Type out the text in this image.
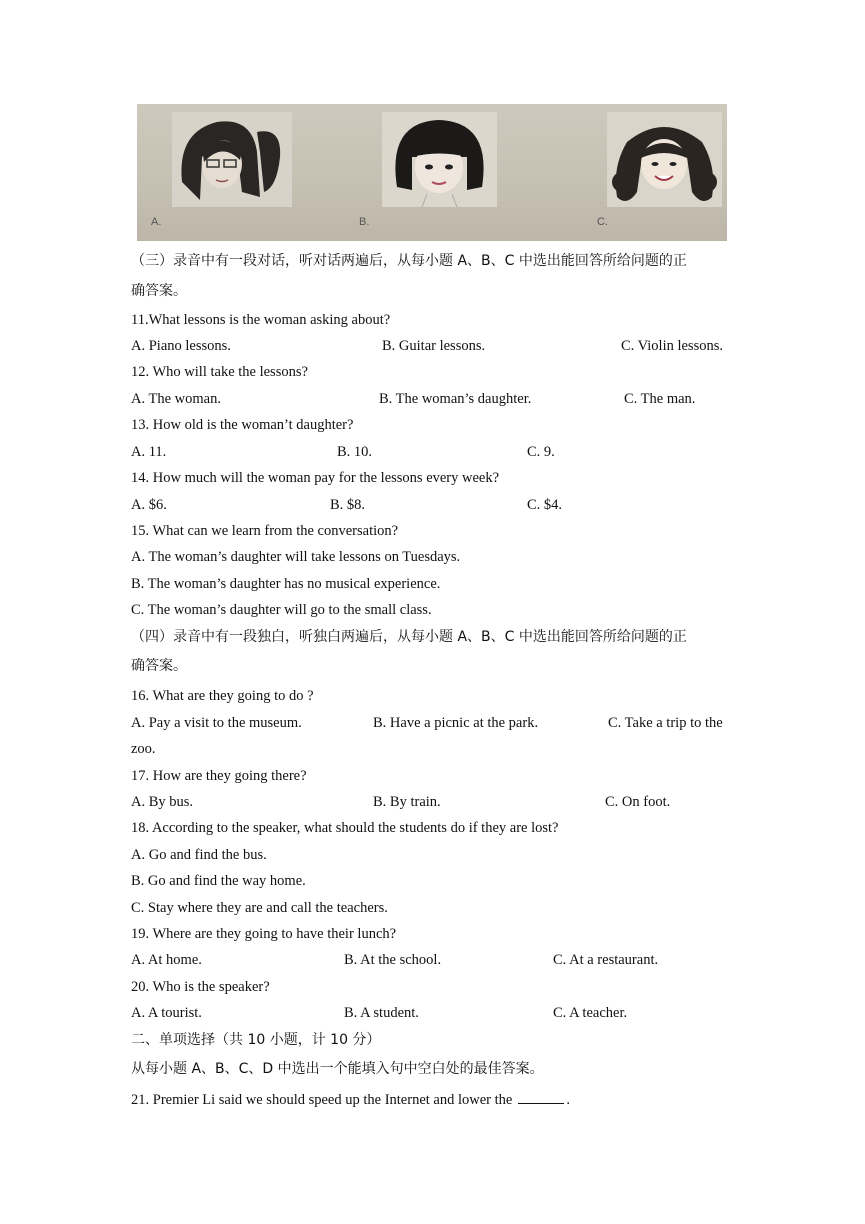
A.	B.	C.
（三）录音中有一段对话，听对话两遍后，从每小题 A、B、C 中选出能回答所给问题的正
确答案。
11.What lessons is the woman asking about?
A. Piano lessons.	B. Guitar lessons.	C. Violin lessons.
12. Who will take the lessons?
A. The woman.	B. The woman’s daughter.	C. The man.
13. How old is the woman’t daughter?
A. 11.	B. 10.	C. 9.
14. How much will the woman pay for the lessons every week?
A. $6.	B. $8.	C. $4.
15. What can we learn from the conversation?
A. The woman’s daughter will take lessons on Tuesdays.
B. The woman’s daughter has no musical experience.
C. The woman’s daughter will go to the small class.
（四）录音中有一段独白，听独白两遍后，从每小题 A、B、C 中选出能回答所给问题的正
确答案。
16. What are they going to do ?
A. Pay a visit to the museum.	B. Have a picnic at the park.	C. Take a trip to the
zoo.
17. How are they going there?
A. By bus.	B. By train.	C. On foot.
18. According to the speaker, what should the students do if they are lost?
A. Go and find the bus.
B. Go and find the way home.
C. Stay where they are and call the teachers.
19. Where are they going to have their lunch?
A. At home.	B. At the school.	C. At a restaurant.
20. Who is the speaker?
A. A tourist.	B. A student.	C. A teacher.
二、单项选择（共 10 小题，计 10 分）
从每小题 A、B、C、D 中选出一个能填入句中空白处的最佳答案。
21. Premier Li said we should speed up the Internet and lower the	.
